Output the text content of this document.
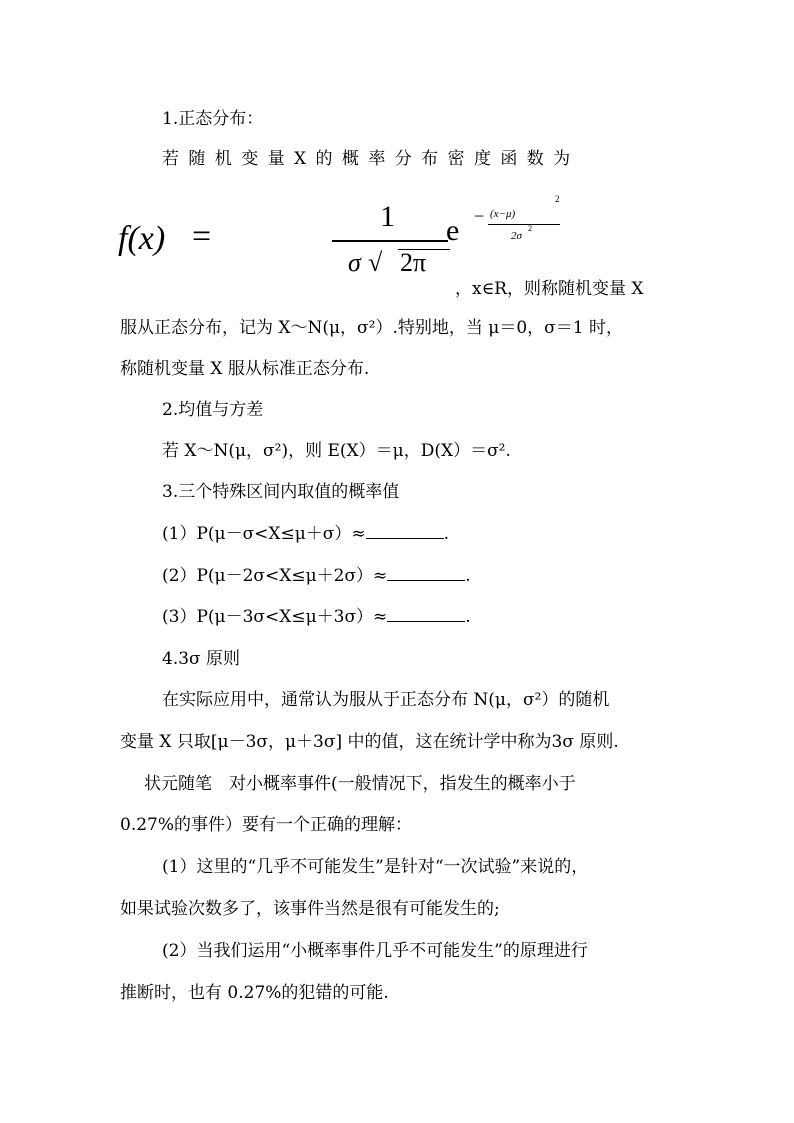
1.正态分布：
若 随 机 变 量 X 的 概 率 分 布 密 度 函 数 为
f(x) =
1
σ √ 2π
e − (x−μ)
2
2σ
2
，x∈R，则称随机变量 X
服从正态分布，记为 X～N(μ，σ²）.特别地，当 μ＝0，σ＝1 时，
称随机变量 X 服从标准正态分布.
2.均值与方差
若 X～N(μ，σ²)，则 E(X）＝μ，D(X）＝σ².
3.三个特殊区间内取值的概率值
(1）P(μ－σ<X≤μ＋σ）≈	.
(2）P(μ－2σ<X≤μ＋2σ）≈	.
(3）P(μ－3σ<X≤μ＋3σ）≈	.
4.3σ 原则
在实际应用中，通常认为服从于正态分布 N(μ，σ²）的随机
变量 X 只取[μ－3σ，μ＋3σ] 中的值，这在统计学中称为3σ 原则.
状元随笔　对小概率事件(一般情况下，指发生的概率小于
0.27%的事件）要有一个正确的理解：
(1）这里的“几乎不可能发生”是针对“一次试验”来说的，
如果试验次数多了，该事件当然是很有可能发生的;
(2）当我们运用“小概率事件几乎不可能发生”的原理进行
推断时，也有 0.27%的犯错的可能.
